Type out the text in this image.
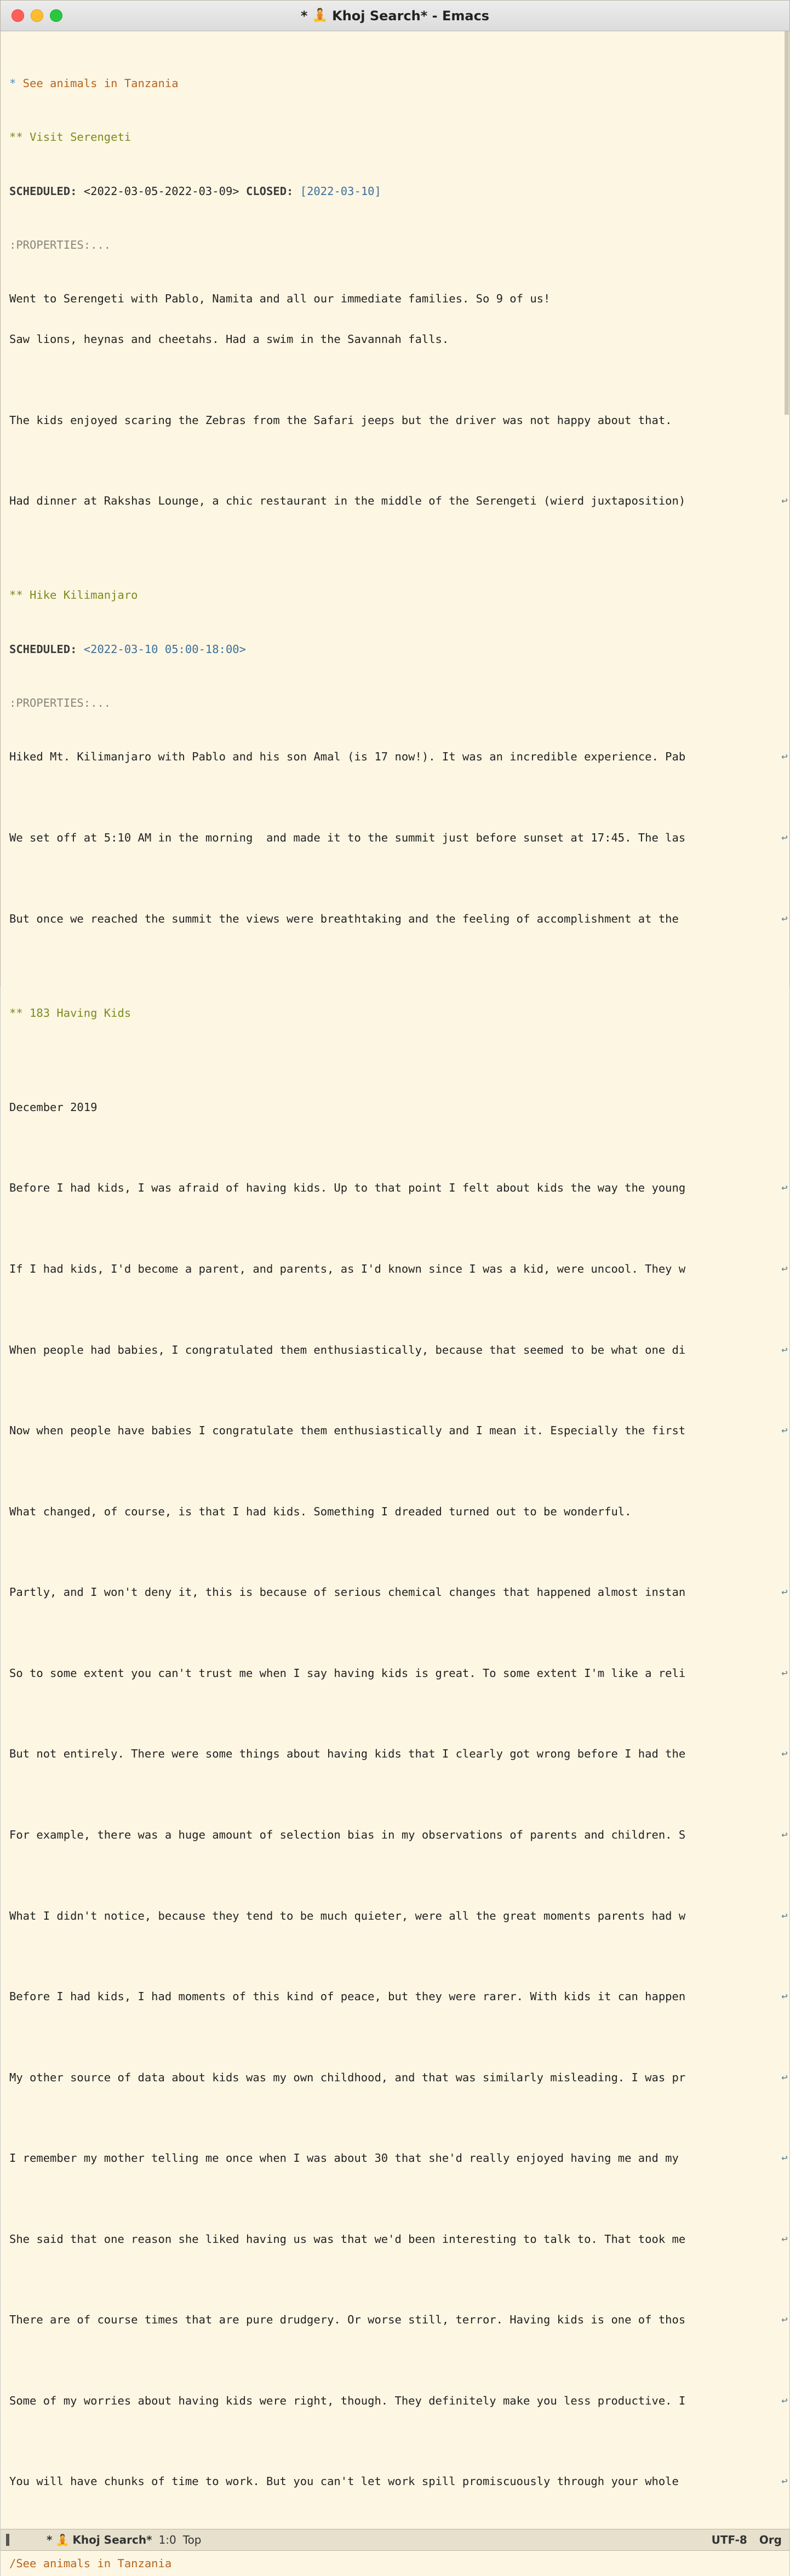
* 🧘 Khoj Search* - Emacs

* See animals in Tanzania

** Visit Serengeti

SCHEDULED: <2022-03-05-2022-03-09> CLOSED: [2022-03-10]

:PROPERTIES:...

Went to Serengeti with Pablo, Namita and all our immediate families. So 9 of us!

Saw lions, heynas and cheetahs. Had a swim in the Savannah falls.

The kids enjoyed scaring the Zebras from the Safari jeeps but the driver was not happy about that.

Had dinner at Rakshas Lounge, a chic restaurant in the middle of the Serengeti (wierd juxtaposition)	↩

** Hike Kilimanjaro

SCHEDULED: <2022-03-10 05:00-18:00>

:PROPERTIES:...

Hiked Mt. Kilimanjaro with Pablo and his son Amal (is 17 now!). It was an incredible experience. Pab	↩

We set off at 5:10 AM in the morning  and made it to the summit just before sunset at 17:45. The las	↩

But once we reached the summit the views were breathtaking and the feeling of accomplishment at the	↩

** 183 Having Kids

December 2019

Before I had kids, I was afraid of having kids. Up to that point I felt about kids the way the young	↩

If I had kids, I'd become a parent, and parents, as I'd known since I was a kid, were uncool. They w	↩

When people had babies, I congratulated them enthusiastically, because that seemed to be what one di	↩

Now when people have babies I congratulate them enthusiastically and I mean it. Especially the first	↩

What changed, of course, is that I had kids. Something I dreaded turned out to be wonderful.

Partly, and I won't deny it, this is because of serious chemical changes that happened almost instan	↩

So to some extent you can't trust me when I say having kids is great. To some extent I'm like a reli	↩

But not entirely. There were some things about having kids that I clearly got wrong before I had the	↩

For example, there was a huge amount of selection bias in my observations of parents and children. S	↩

What I didn't notice, because they tend to be much quieter, were all the great moments parents had w	↩

Before I had kids, I had moments of this kind of peace, but they were rarer. With kids it can happen	↩

My other source of data about kids was my own childhood, and that was similarly misleading. I was pr	↩

I remember my mother telling me once when I was about 30 that she'd really enjoyed having me and my	↩

She said that one reason she liked having us was that we'd been interesting to talk to. That took me	↩

There are of course times that are pure drudgery. Or worse still, terror. Having kids is one of thos	↩

Some of my worries about having kids were right, though. They definitely make you less productive. I	↩

You will have chunks of time to work. But you can't let work spill promiscuously through your whole	↩

* 🧘 Khoj Search* 1:0 Top	UTF-8 Org
/See animals in Tanzania
